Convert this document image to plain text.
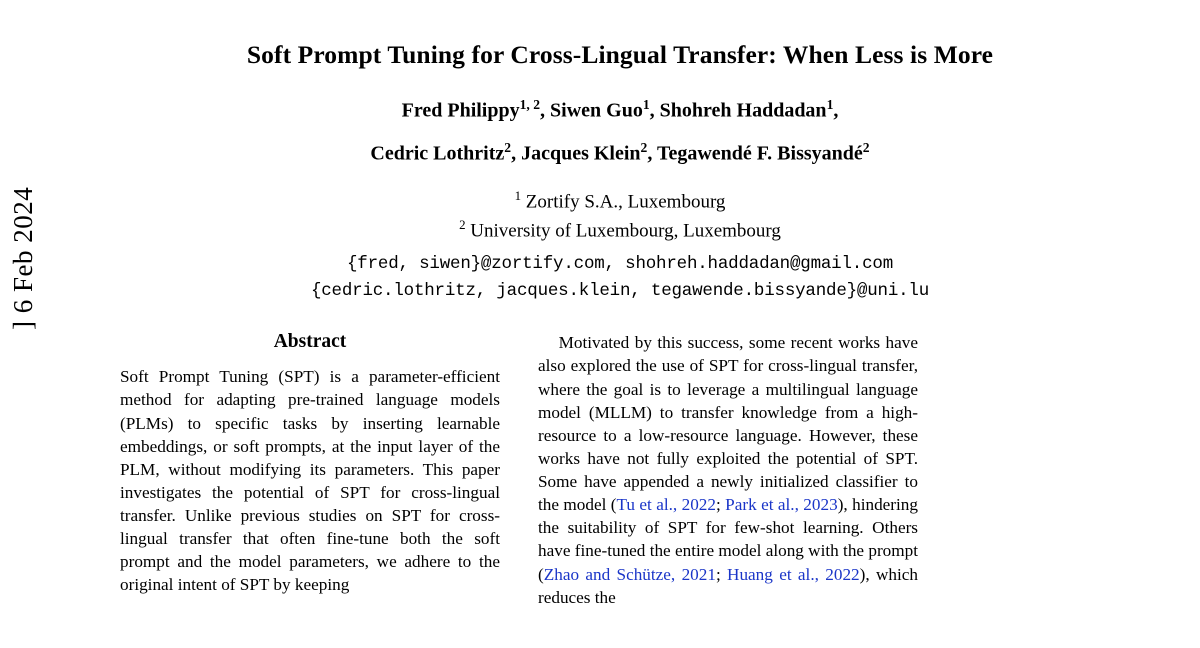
] 6 Feb 2024
Soft Prompt Tuning for Cross-Lingual Transfer: When Less is More
Fred Philippy$^{1, 2}$, Siwen Guo$^1$, Shohreh Haddadan$^1$,
Cedric Lothritz$^2$, Jacques Klein$^2$, Tegawendé F. Bissyandé$^2$
$^1$ Zortify S.A., Luxembourg
$^2$ University of Luxembourg, Luxembourg
{fred, siwen}@zortify.com, shohreh.haddadan@gmail.com
{cedric.lothritz, jacques.klein, tegawende.bissyande}@uni.lu
Abstract

Soft Prompt Tuning (SPT) is a parameter-efficient method for adapting pre-trained language models (PLMs) to specific tasks by inserting learnable embeddings, or soft prompts, at the input layer of the PLM, without modifying its parameters. This paper investigates the potential of SPT for cross-lingual transfer. Unlike previous studies on SPT for cross-lingual transfer that often fine-tune both the soft prompt and the model parameters, we adhere to the original intent of SPT by keeping

Motivated by this success, some recent works have also explored the use of SPT for cross-lingual transfer, where the goal is to leverage a multilingual language model (MLLM) to transfer knowledge from a high-resource to a low-resource language. However, these works have not fully exploited the potential of SPT. Some have appended a newly initialized classifier to the model (Tu et al., 2022; Park et al., 2023), hindering the suitability of SPT for few-shot learning. Others have fine-tuned the entire model along with the prompt (Zhao and Schütze, 2021; Huang et al., 2022), which reduces the
